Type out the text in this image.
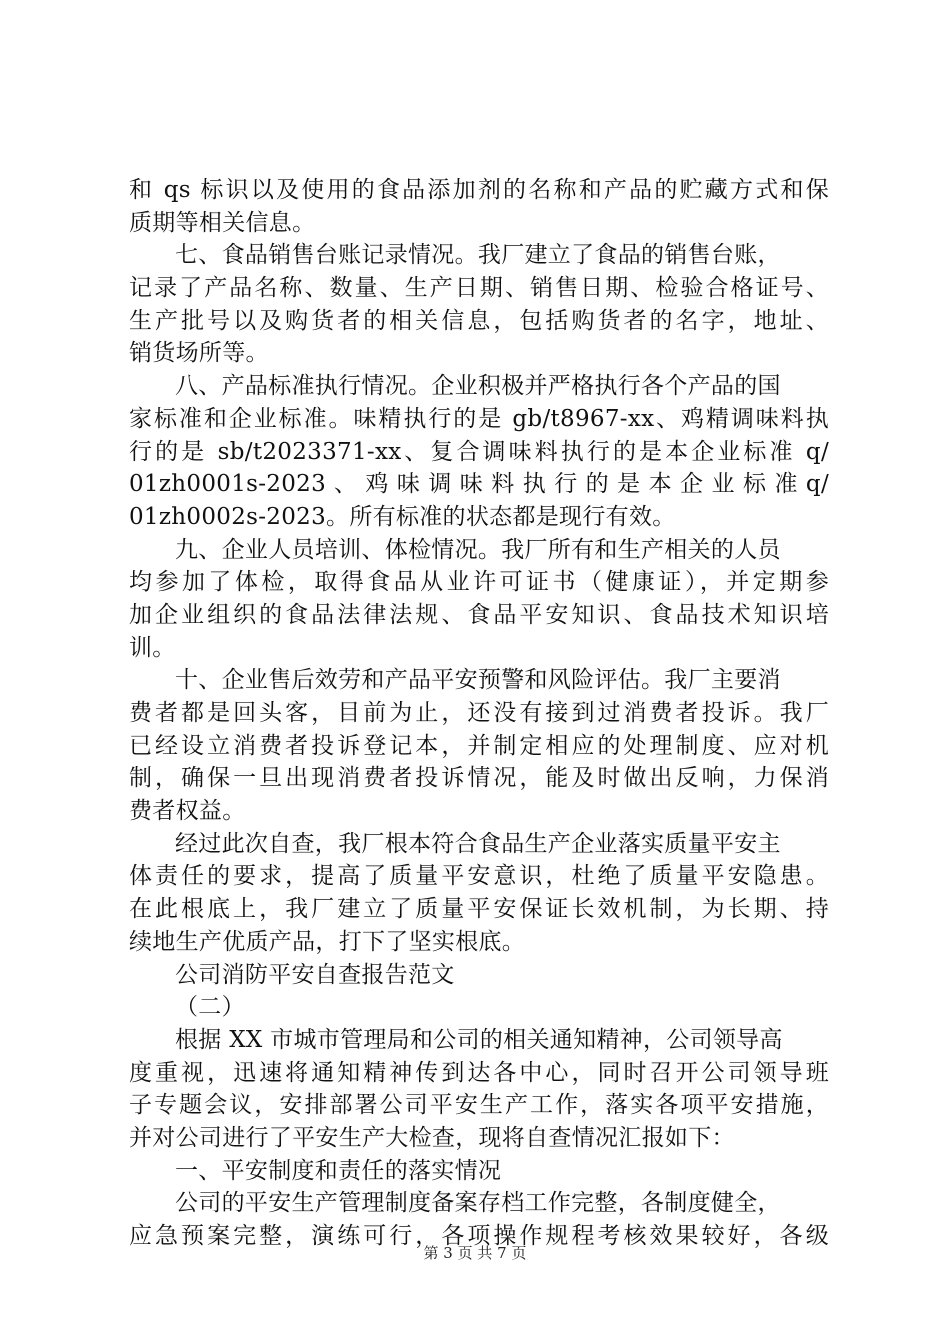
和 qs 标识以及使用的食品添加剂的名称和产品的贮藏方式和保
质期等相关信息。
七、食品销售台账记录情况。我厂建立了食品的销售台账，
记录了产品名称、数量、生产日期、销售日期、检验合格证号、
生产批号以及购货者的相关信息，包括购货者的名字，地址、
销货场所等。
八、产品标准执行情况。企业积极并严格执行各个产品的国
家标准和企业标准。味精执行的是 gb/t8967-xx、鸡精调味料执
行的是 sb/t2023371-xx、复合调味料执行的是本企业标准 q/
01zh0001s-2023 、 鸡 味 调 味 料 执 行 的 是 本 企 业 标 准 q/
01zh0002s-2023。所有标准的状态都是现行有效。
九、企业人员培训、体检情况。我厂所有和生产相关的人员
均参加了体检，取得食品从业许可证书（健康证），并定期参
加企业组织的食品法律法规、食品平安知识、食品技术知识培
训。
十、企业售后效劳和产品平安预警和风险评估。我厂主要消
费者都是回头客，目前为止，还没有接到过消费者投诉。我厂
已经设立消费者投诉登记本，并制定相应的处理制度、应对机
制，确保一旦出现消费者投诉情况，能及时做出反响，力保消
费者权益。
经过此次自查，我厂根本符合食品生产企业落实质量平安主
体责任的要求，提高了质量平安意识，杜绝了质量平安隐患。
在此根底上，我厂建立了质量平安保证长效机制，为长期、持
续地生产优质产品，打下了坚实根底。
公司消防平安自查报告范文
（二）
根据 XX 市城市管理局和公司的相关通知精神，公司领导高
度重视，迅速将通知精神传到达各中心，同时召开公司领导班
子专题会议，安排部署公司平安生产工作，落实各项平安措施，
并对公司进行了平安生产大检查，现将自查情况汇报如下：
一、平安制度和责任的落实情况
公司的平安生产管理制度备案存档工作完整，各制度健全，
应急预案完整，演练可行，各项操作规程考核效果较好，各级
第 3 页 共 7 页
